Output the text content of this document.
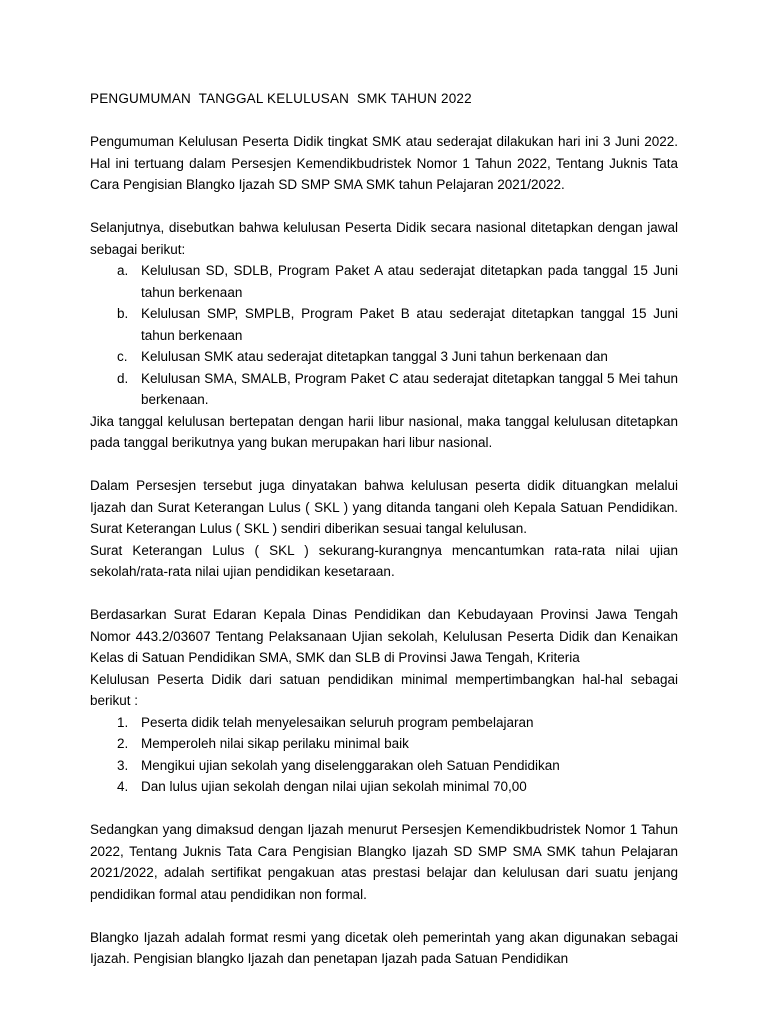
PENGUMUMAN  TANGGAL KELULUSAN  SMK TAHUN 2022

Pengumuman Kelulusan Peserta Didik tingkat SMK atau sederajat dilakukan hari ini 3 Juni 2022. Hal ini tertuang dalam Persesjen Kemendikbudristek Nomor 1 Tahun 2022, Tentang Juknis Tata Cara Pengisian Blangko Ijazah SD SMP SMA SMK tahun Pelajaran 2021/2022.

Selanjutnya, disebutkan bahwa kelulusan Peserta Didik secara nasional ditetapkan dengan jawal sebagai berikut:

a. Kelulusan SD, SDLB, Program Paket A atau sederajat ditetapkan pada tanggal 15 Juni tahun berkenaan
b. Kelulusan SMP, SMPLB, Program Paket B atau sederajat ditetapkan tanggal 15 Juni tahun berkenaan
c. Kelulusan SMK atau sederajat ditetapkan tanggal 3 Juni tahun berkenaan dan
d. Kelulusan SMA, SMALB, Program Paket C atau sederajat ditetapkan tanggal 5 Mei tahun berkenaan.

Jika tanggal kelulusan bertepatan dengan harii libur nasional, maka tanggal kelulusan ditetapkan pada tanggal berikutnya yang bukan merupakan hari libur nasional.

Dalam Persesjen tersebut juga dinyatakan bahwa kelulusan peserta didik dituangkan melalui Ijazah dan Surat Keterangan Lulus ( SKL ) yang ditanda tangani oleh Kepala Satuan Pendidikan. Surat Keterangan Lulus ( SKL ) sendiri diberikan sesuai tangal kelulusan.

Surat Keterangan Lulus ( SKL ) sekurang-kurangnya mencantumkan rata-rata nilai ujian sekolah/rata-rata nilai ujian pendidikan kesetaraan.

Berdasarkan Surat Edaran Kepala Dinas Pendidikan dan Kebudayaan Provinsi Jawa Tengah Nomor 443.2/03607 Tentang Pelaksanaan Ujian sekolah, Kelulusan Peserta Didik dan Kenaikan Kelas di Satuan Pendidikan SMA, SMK dan SLB di Provinsi Jawa Tengah, Kriteria

Kelulusan Peserta Didik dari satuan pendidikan minimal mempertimbangkan hal-hal sebagai berikut :

1. Peserta didik telah menyelesaikan seluruh program pembelajaran
2. Memperoleh nilai sikap perilaku minimal baik
3. Mengikui ujian sekolah yang diselenggarakan oleh Satuan Pendidikan
4. Dan lulus ujian sekolah dengan nilai ujian sekolah minimal 70,00

Sedangkan yang dimaksud dengan Ijazah menurut Persesjen Kemendikbudristek Nomor 1 Tahun 2022, Tentang Juknis Tata Cara Pengisian Blangko Ijazah SD SMP SMA SMK tahun Pelajaran 2021/2022, adalah sertifikat pengakuan atas prestasi belajar dan kelulusan dari suatu jenjang pendidikan formal atau pendidikan non formal.

Blangko Ijazah adalah format resmi yang dicetak oleh pemerintah yang akan digunakan sebagai Ijazah. Pengisian blangko Ijazah dan penetapan Ijazah pada Satuan Pendidikan
